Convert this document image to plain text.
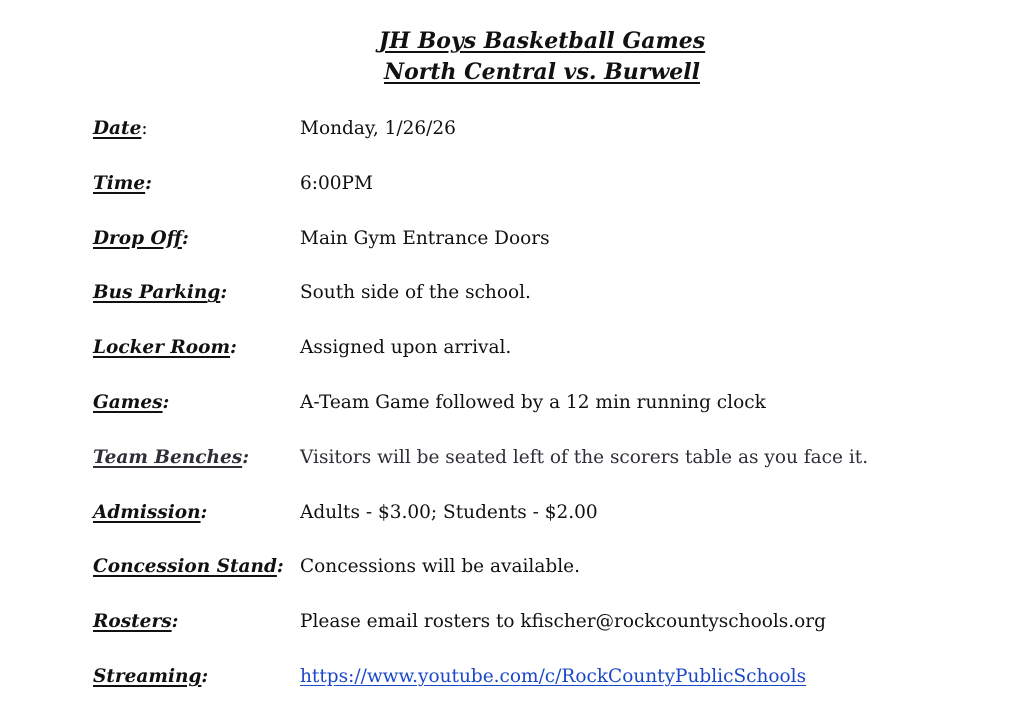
JH Boys Basketball Games
North Central vs. Burwell
Date:	Monday, 1/26/26
Time:	6:00PM
Drop Off:	Main Gym Entrance Doors
Bus Parking:	South side of the school.
Locker Room:	Assigned upon arrival.
Games:	A-Team Game followed by a 12 min running clock
Team Benches:	Visitors will be seated left of the scorers table as you face it.
Admission:	Adults - $3.00; Students - $2.00
Concession Stand: Concessions will be available.
Rosters:	Please email rosters to kfischer@rockcountyschools.org
Streaming:	https://www.youtube.com/c/RockCountyPublicSchools
